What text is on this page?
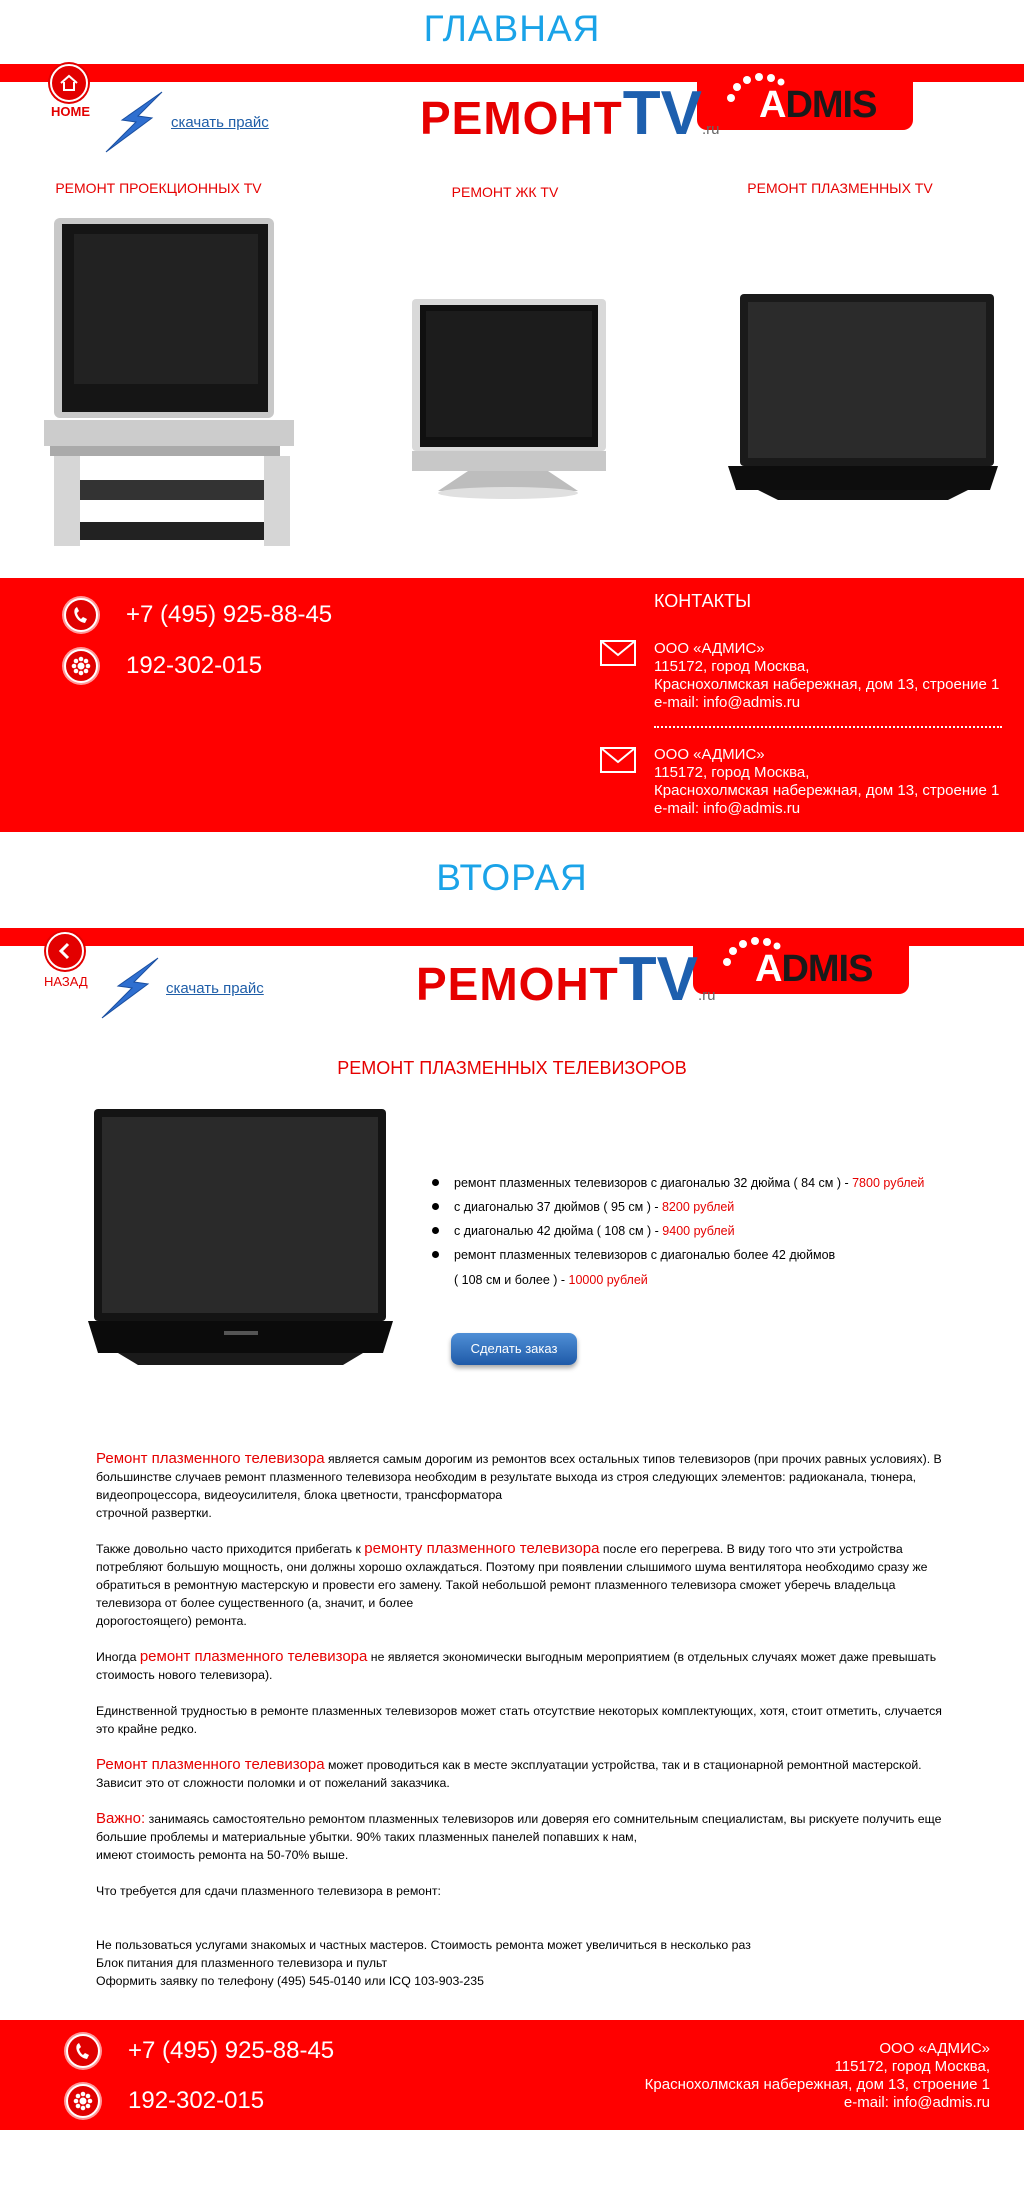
ГЛАВНАЯ
ADMIS
HOME
скачать прайс	РЕМОНТTV.ru
РЕМОНТ ПРОЕКЦИОННЫХ TV	РЕМОНТ ЖК TV	РЕМОНТ ПЛАЗМЕННЫХ TV
+7 (495) 925-88-45
192-302-015
КОНТАКТЫ
ООО «АДМИС»
115172, город Москва,
Краснохолмская набережная, дом 13, строение 1
e-mail: info@admis.ru
ООО «АДМИС»
115172, город Москва,
Краснохолмская набережная, дом 13, строение 1
e-mail: info@admis.ru
ВТОРАЯ
ADMIS
НАЗАД	скачать прайс	РЕМОНТTV.ru
РЕМОНТ ПЛАЗМЕННЫХ ТЕЛЕВИЗОРОВ
ремонт плазменных телевизоров с диагональю 32 дюйма ( 84 см ) - 7800 рублей
с диагональю 37 дюймов ( 95 см ) - 8200 рублей
с диагональю 42 дюйма ( 108 см ) - 9400 рублей
ремонт плазменных телевизоров с диагональю более 42 дюймов
( 108 см и более ) - 10000 рублей
Сделать заказ

Ремонт плазменного телевизора является самым дорогим из ремонтов всех остальных типов телевизоров (при прочих равных условиях). В большинстве случаев ремонт плазменного телевизора необходим в результате выхода из строя следующих элементов: радиоканала, тюнера, видеопроцессора, видеоусилителя, блока цветности, трансформатора
строчной развертки.

Также довольно часто приходится прибегать к ремонту плазменного телевизора после его перегрева. В виду того что эти устройства потребляют большую мощность, они должны хорошо охлаждаться. Поэтому при появлении слышимого шума вентилятора необходимо сразу же обратиться в ремонтную мастерскую и провести его замену. Такой небольшой ремонт плазменного телевизора сможет уберечь владельца телевизора от более существенного (а, значит, и более
дорогостоящего) ремонта.

Иногда ремонт плазменного телевизора не является экономически выгодным мероприятием (в отдельных случаях может даже превышать стоимость нового телевизора).

Единственной трудностью в ремонте плазменных телевизоров может стать отсутствие некоторых комплектующих, хотя, стоит отметить, случается это крайне редко.

Ремонт плазменного телевизора может проводиться как в месте эксплуатации устройства, так и в стационарной ремонтной мастерской. Зависит это от сложности поломки и от пожеланий заказчика.

Важно: занимаясь самостоятельно ремонтом плазменных телевизоров или доверяя его сомнительным специалистам, вы рискуете получить еще большие проблемы и материальные убытки. 90% таких плазменных панелей попавших к нам,
имеют стоимость ремонта на 50-70% выше.

Что требуется для сдачи плазменного телевизора в ремонт:

Не пользоваться услугами знакомых и частных мастеров. Стоимость ремонта может увеличиться в несколько раз
Блок питания для плазменного телевизора и пульт
Оформить заявку по телефону (495) 545-0140 или ICQ 103-903-235

+7 (495) 925-88-45
192-302-015
ООО «АДМИС»
115172, город Москва,
Краснохолмская набережная, дом 13, строение 1
e-mail: info@admis.ru
